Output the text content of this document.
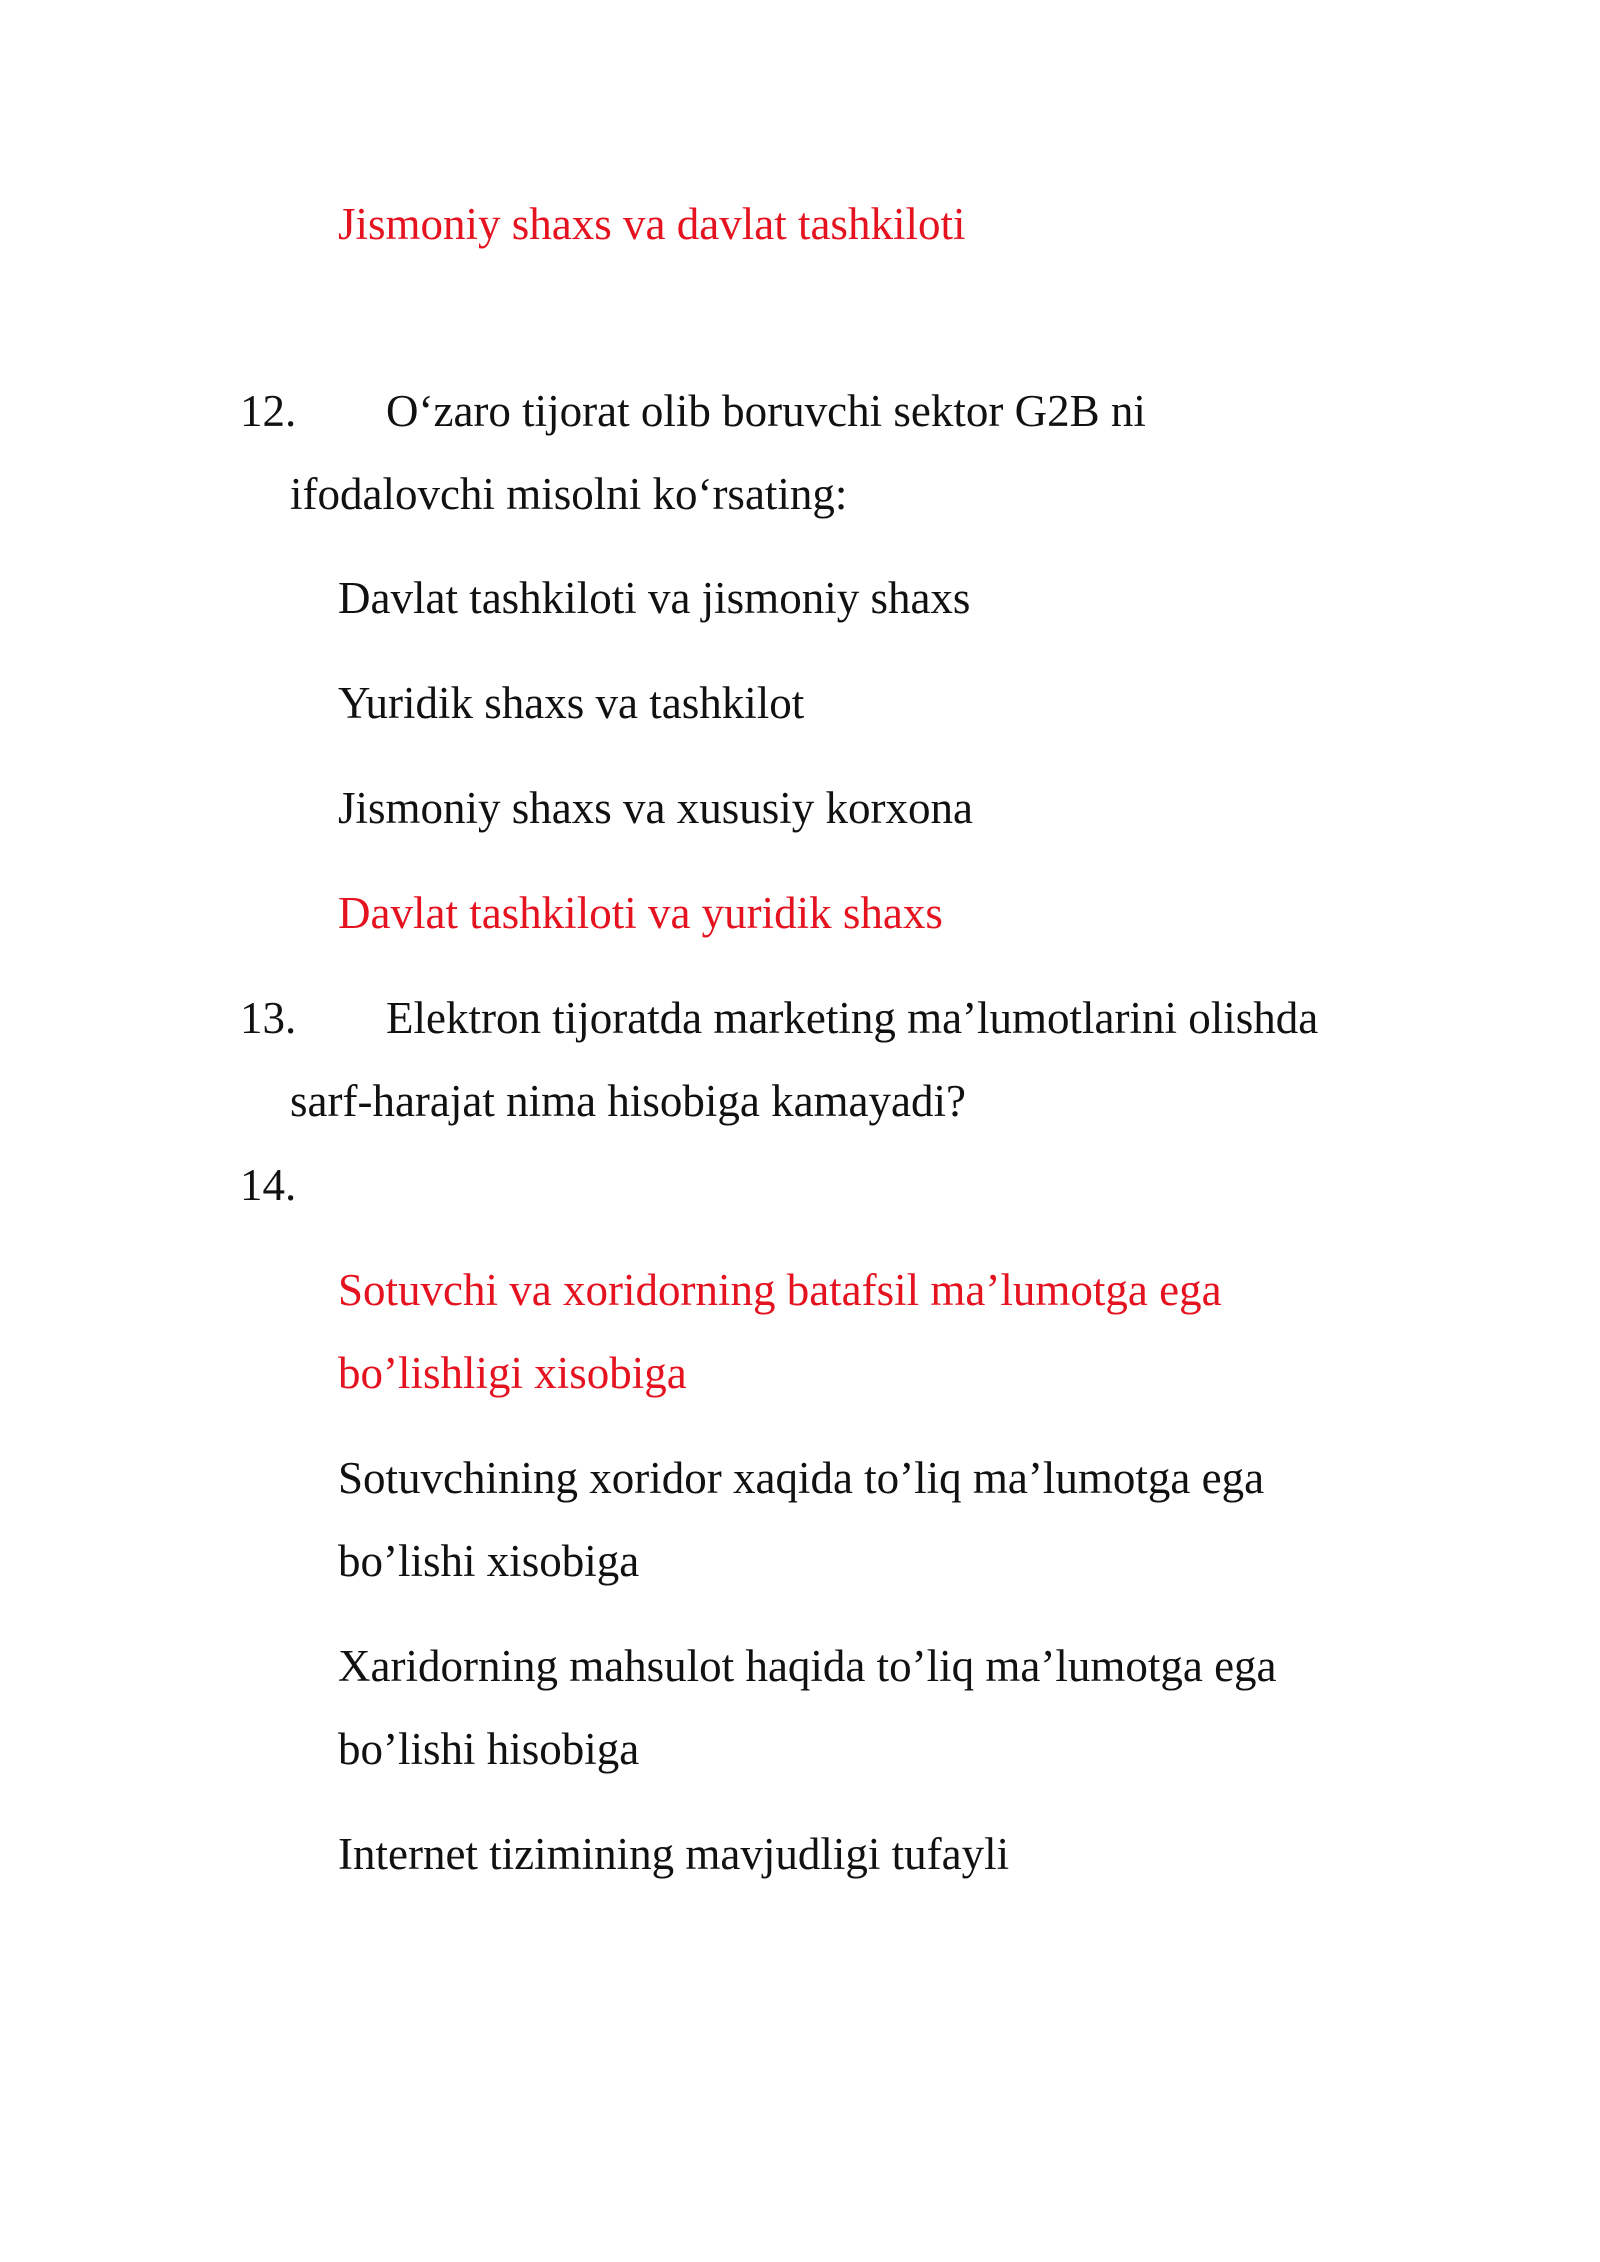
Jismoniy shaxs va davlat tashkiloti
12. O‘zaro tijorat olib boruvchi sektor G2B ni
ifodalovchi misolni ko‘rsating:
Davlat tashkiloti va jismoniy shaxs
Yuridik shaxs va tashkilot
Jismoniy shaxs va xususiy korxona
Davlat tashkiloti va yuridik shaxs
13. Elektron tijoratda marketing ma’lumotlarini olishda
sarf-harajat nima hisobiga kamayadi?
14.
Sotuvchi va xoridorning batafsil ma’lumotga ega
bo’lishligi xisobiga
Sotuvchining xoridor xaqida to’liq ma’lumotga ega
bo’lishi xisobiga
Xaridorning mahsulot haqida to’liq ma’lumotga ega
bo’lishi hisobiga
Internet tizimining mavjudligi tufayli
